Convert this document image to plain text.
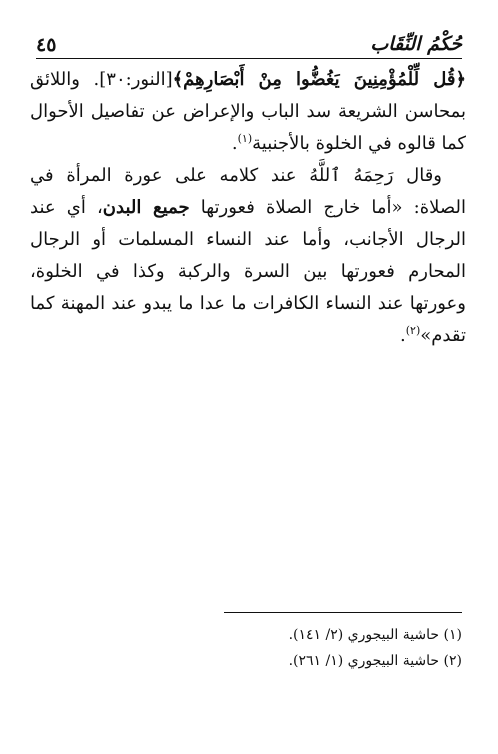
حُكْمُ النِّقَاب
٤٥

﴿قُل لِّلْمُؤْمِنِينَ يَغُضُّوا مِنْ أَبْصَارِهِمْ﴾[النور:٣٠]. واللائق بمحاسن الشريعة سد الباب والإعراض عن تفاصيل الأحوال كما قالوه في الخلوة بالأجنبية$^{(١)}$.

وقال رَحِمَهُ ٱللَّهُ عند كلامه على عورة المرأة في الصلاة: «أما خارج الصلاة فعورتها جميع البدن، أي عند الرجال الأجانب، وأما عند النساء المسلمات أو الرجال المحارم فعورتها بين السرة والركبة وكذا في الخلوة، وعورتها عند النساء الكافرات ما عدا ما يبدو عند المهنة كما تقدم»$^{(٢)}$.

(١) حاشية البيجوري (٢/ ١٤١).
(٢) حاشية البيجوري (١/ ٢٦١).
